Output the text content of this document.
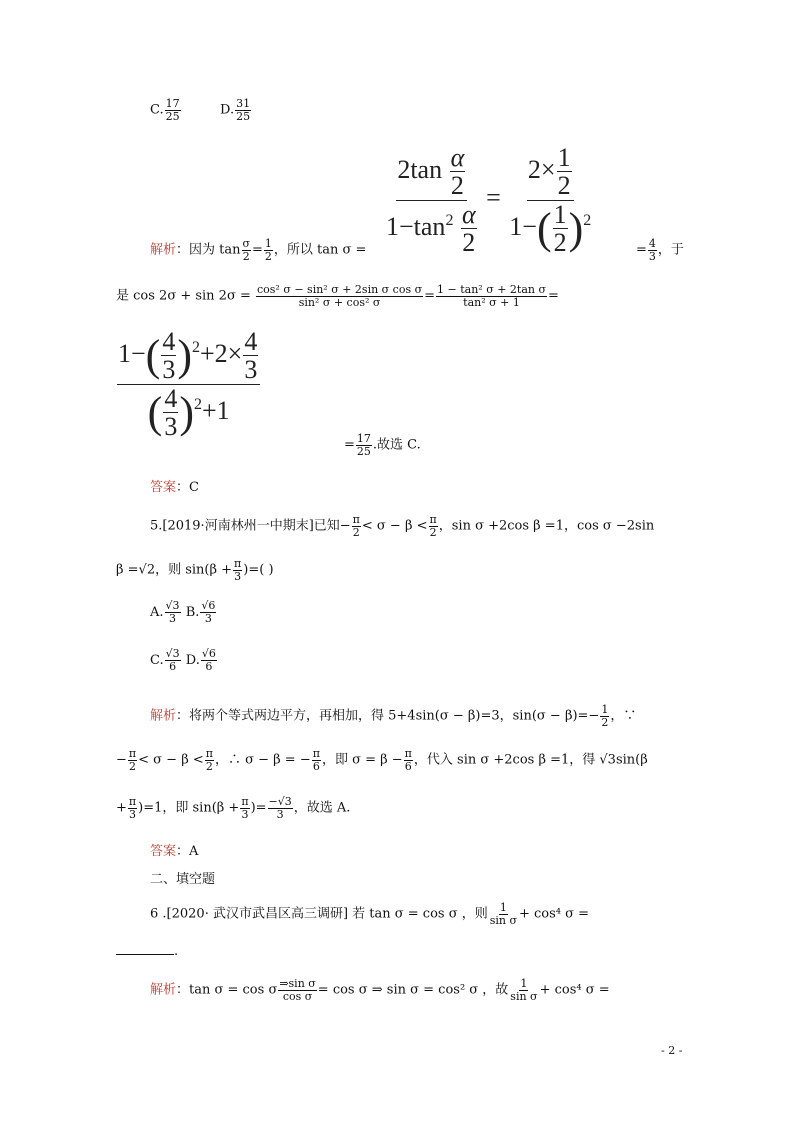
C. $\frac{17}{25}$	D. $\frac{31}{25}$
$\frac{2\tan \frac{\alpha}{2}}{1-\tan^2 \frac{\alpha}{2}} = \frac{2\times \frac{1}{2}}{1-( \frac{1}{2} )^2}$
解析：因为 $\tan \frac{\sigma}{2} = \frac{1}{2}$ ，所以 tan σ =	= $\frac{4}{3}$ ，于
是 $\cos 2\sigma + \sin 2\sigma = \frac{\text{cos² σ − sin² σ + 2sin σ cos σ}}{\text{sin² σ + cos² σ}} = \frac{\text{1 − tan² σ + 2tan σ}}{\text{tan² σ + 1}}$ =
$\frac{1-( \frac{4}{3} )^2+2\times \frac{4}{3}}{( \frac{4}{3} )^2+1}$
= $\frac{17}{25}$ .故选 C.
答案：C
5.[2019·河南林州一中期末]已知− $\frac{\pi}{2} < \sigma - \beta < \frac{\pi}{2}$ ，sin σ +2cos β =1，cos σ −2sin
β =√2，则 $\sin(\beta + \frac{\pi}{3}$ )=( )
A. $\frac{√3}{3} B$. $\frac{√6}{3}$
C. $\frac{√3}{6} D$. $\frac{√6}{6}$
解析：将两个等式两边平方，再相加，得 5+4sin(σ − β)=3，$\sin(\sigma - \beta)=- \frac{1}{2}$ ，∵
− $\frac{\pi}{2} < \sigma - \beta < \frac{\pi}{2}$ ，∴ σ − β = − $\frac{\pi}{6}$ ，即 $\sigma = \beta - \frac{\pi}{6}$ ，代入 sin σ +2cos β =1，得 √3sin(β
+ $\frac{\pi}{3} )=1$，即 $\sin(\beta + \frac{\pi}{3}$ )= $\frac{-√3}{3}$ ，故选 A.
答案：A
二、填空题
6 .[2020· 武汉市武昌区高三调研] 若 tan σ = cos σ ，则 $\frac{1}{\text{sin σ}} + \cos^4$ σ =
.
解析：tan σ = cos σ $\frac{\text{⇒sin σ}}{\text{cos σ}} = \cos \sigma$ ⇒ sin σ = cos² σ ，故 $\frac{1}{\text{sin σ}} + \cos^4$ σ =
- 2 -
